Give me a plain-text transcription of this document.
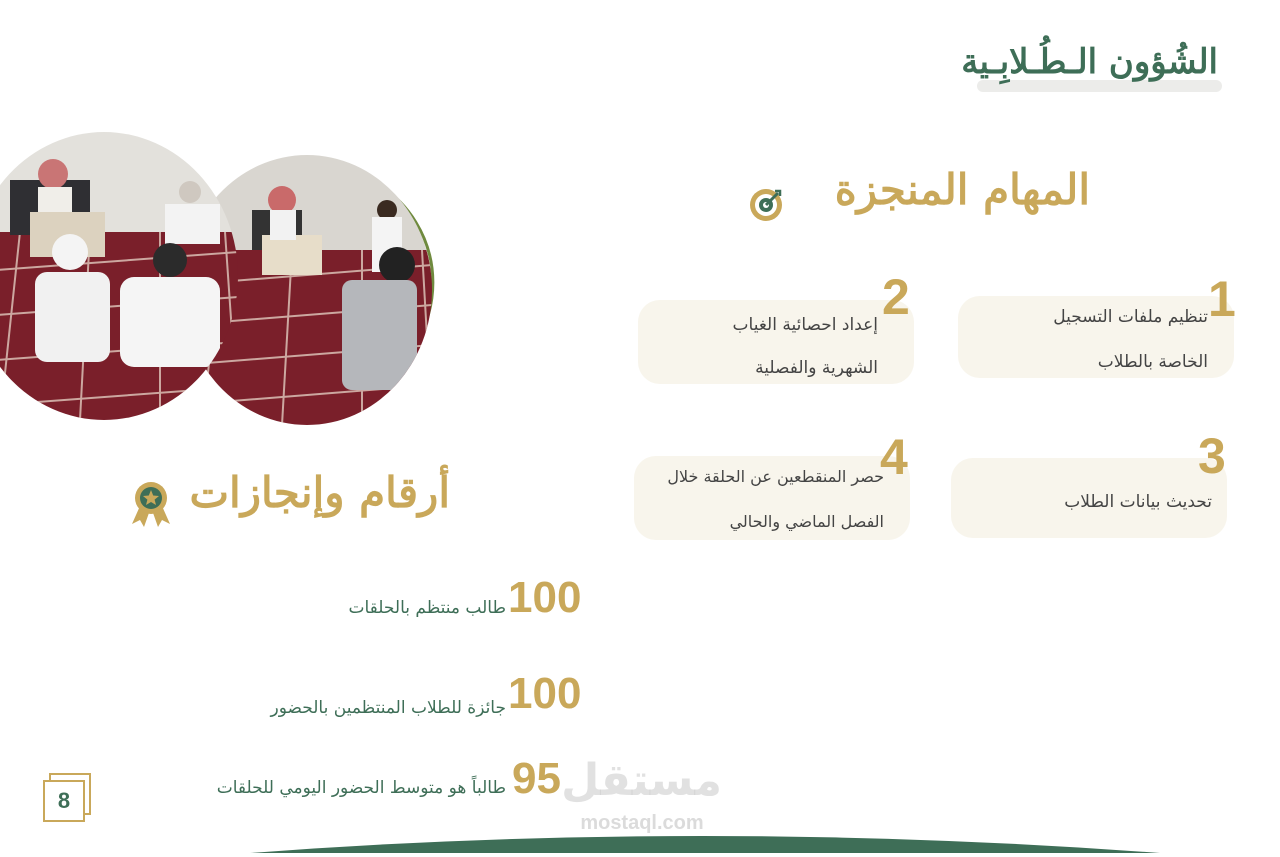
الشُؤون الـطُـلابِـية
المهام المنجزة
1
تنظيم ملفات التسجيل
الخاصة بالطلاب
2
إعداد احصائية الغياب
الشهرية والفصلية
3
تحديث بيانات الطلاب
4
حصر المنقطعين عن الحلقة خلال
الفصل الماضي والحالي
أرقام وإنجازات
100
طالب منتظم بالحلقات
100
جائزة للطلاب المنتظمين بالحضور
95
طالباً هو متوسط الحضور اليومي للحلقات مستقل
mostaql.com
8
